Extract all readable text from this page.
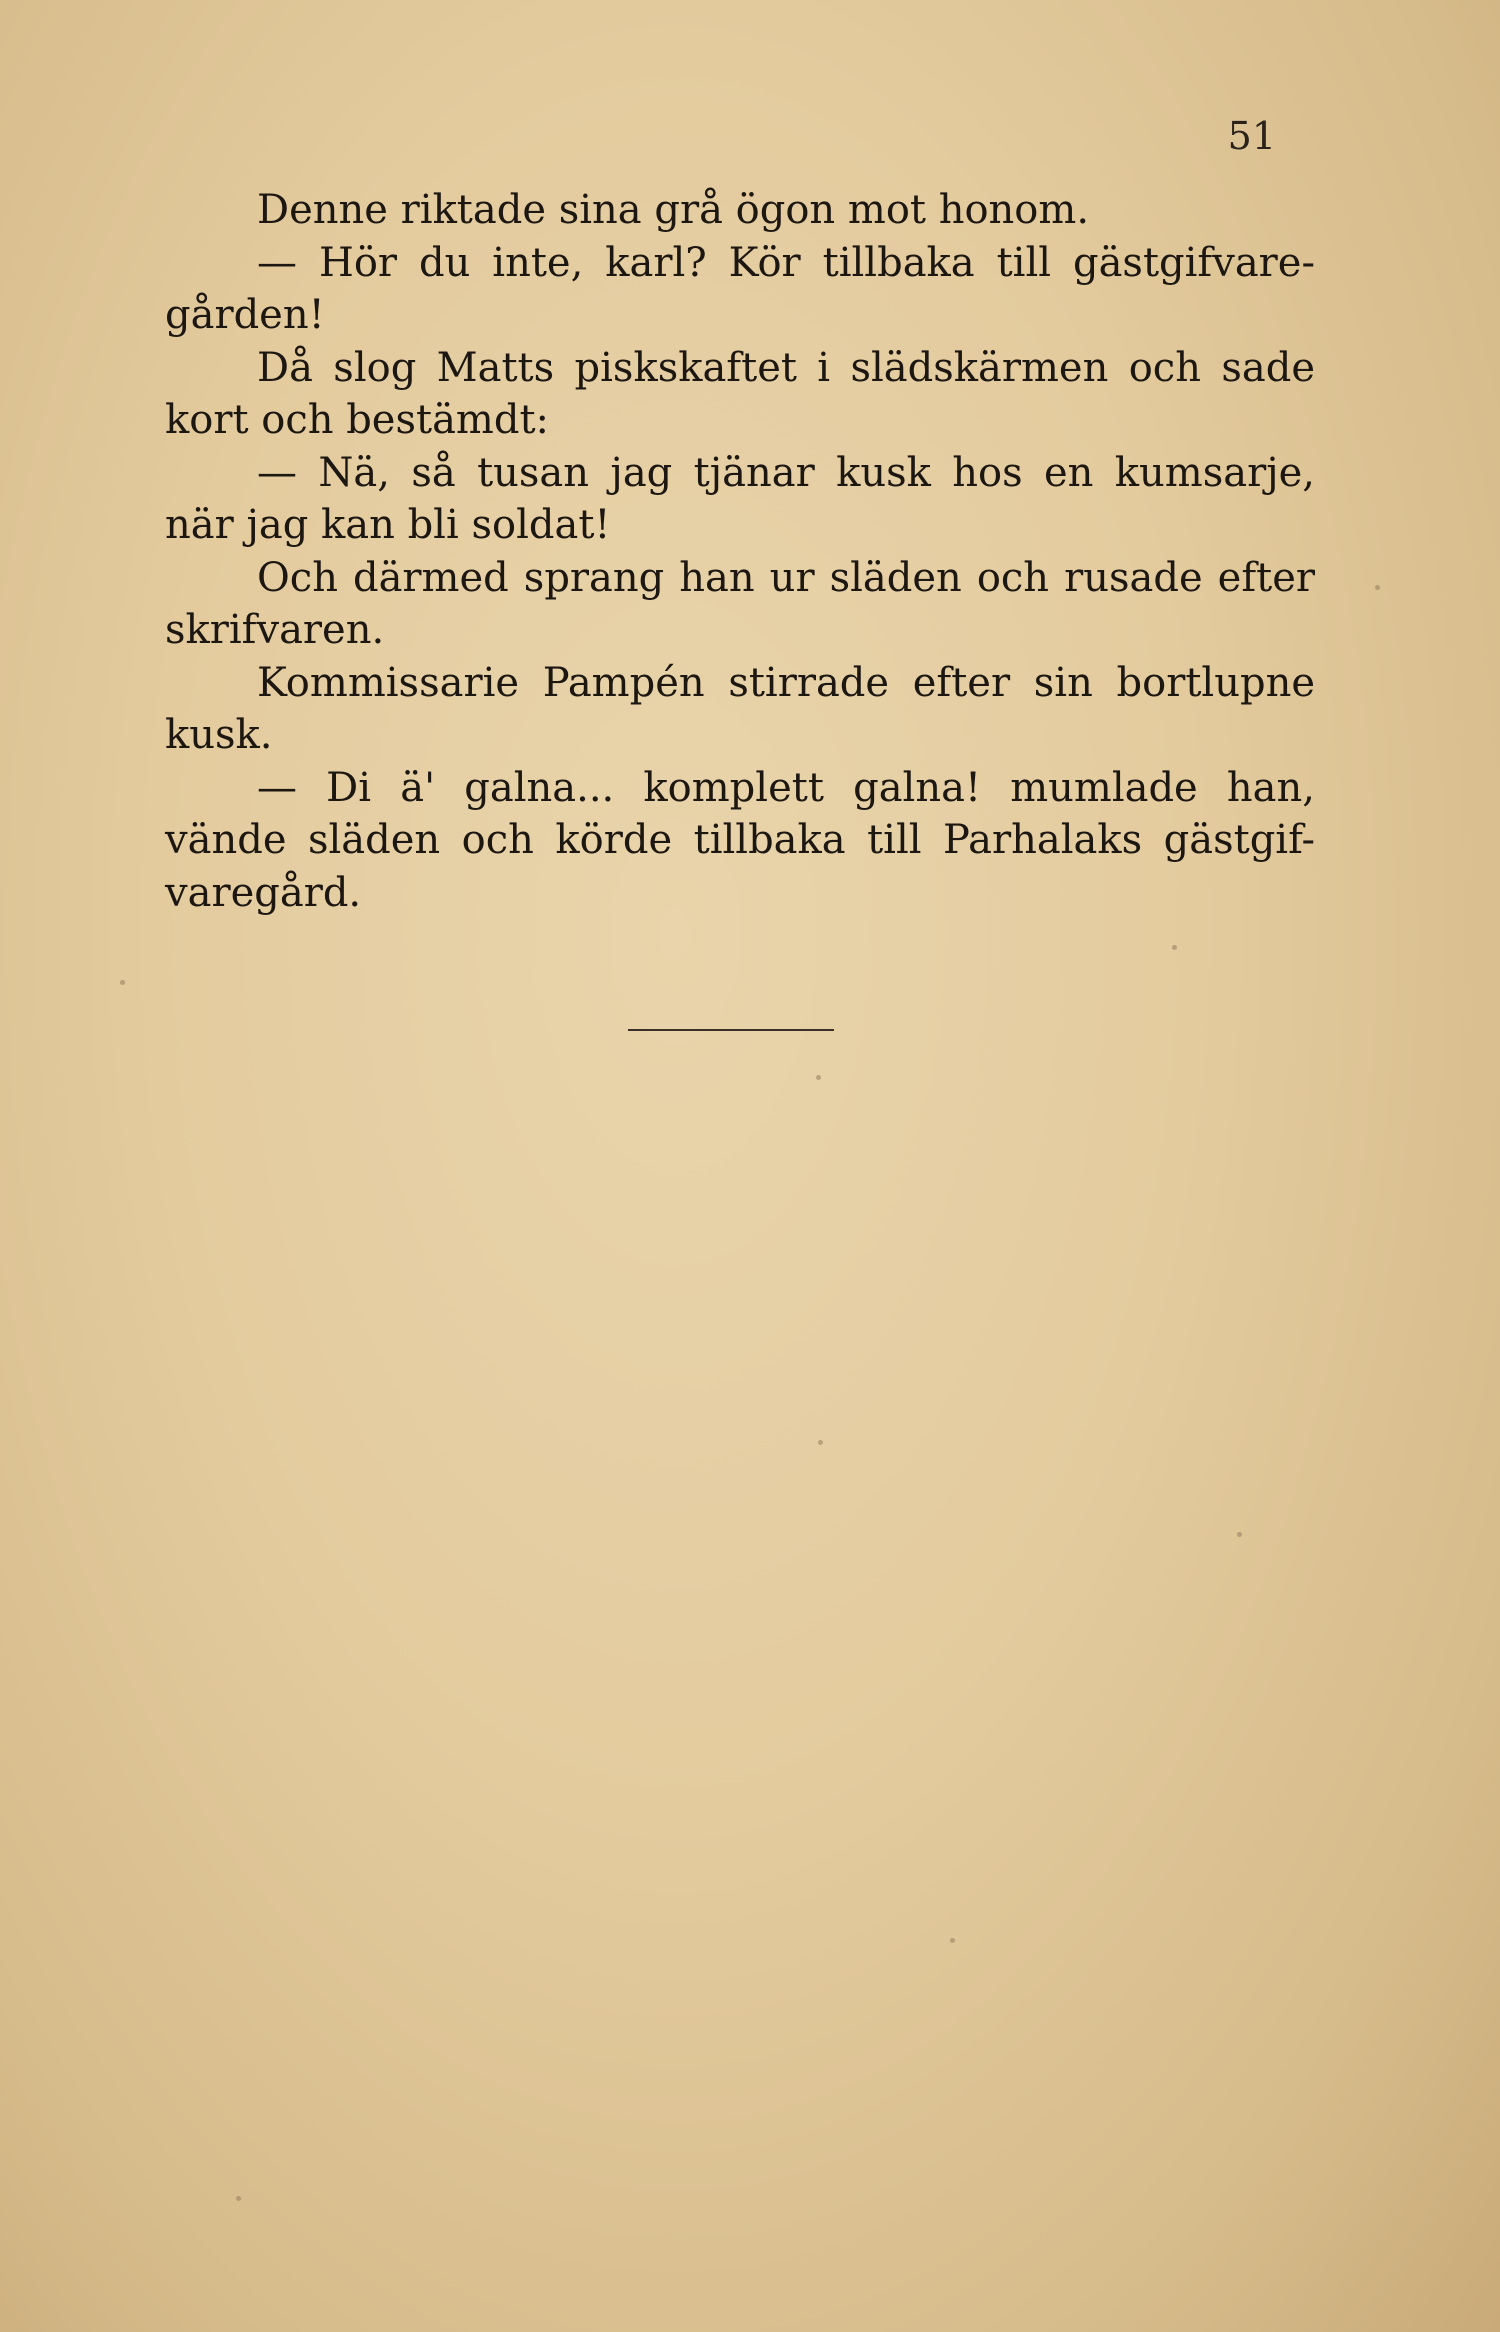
51
Denne riktade sina grå ögon mot honom.
— Hör du inte, karl? Kör tillbaka till gästgifvare-
gården!
Då slog Matts piskskaftet i slädskärmen och sade
kort och bestämdt:
— Nä, så tusan jag tjänar kusk hos en kumsarje,
när jag kan bli soldat!
Och därmed sprang han ur släden och rusade efter
skrifvaren.
Kommissarie Pampén stirrade efter sin bortlupne
kusk.
— Di ä' galna... komplett galna! mumlade han,
vände släden och körde tillbaka till Parhalaks gästgif-
varegård.
